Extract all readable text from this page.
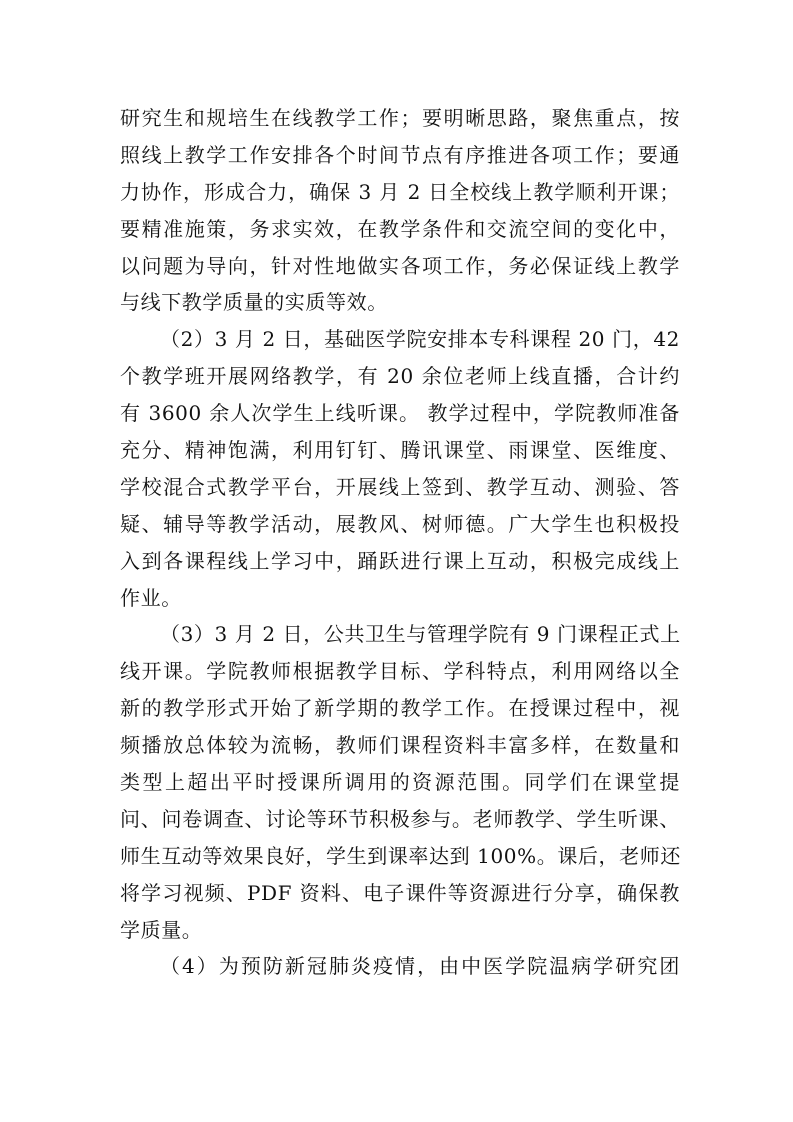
研究生和规培生在线教学工作；要明晰思路，聚焦重点，按
照线上教学工作安排各个时间节点有序推进各项工作；要通
力协作，形成合力，确保 3 月 2 日全校线上教学顺利开课；
要精准施策，务求实效，在教学条件和交流空间的变化中，
以问题为导向，针对性地做实各项工作，务必保证线上教学
与线下教学质量的实质等效。
（2）3 月 2 日，基础医学院安排本专科课程 20 门，42
个教学班开展网络教学，有 20 余位老师上线直播，合计约
有 3600 余人次学生上线听课。 教学过程中，学院教师准备
充分、精神饱满，利用钉钉、腾讯课堂、雨课堂、医维度、
学校混合式教学平台，开展线上签到、教学互动、测验、答
疑、辅导等教学活动，展教风、树师德。广大学生也积极投
入到各课程线上学习中，踊跃进行课上互动，积极完成线上
作业。
（3）3 月 2 日，公共卫生与管理学院有 9 门课程正式上
线开课。学院教师根据教学目标、学科特点，利用网络以全
新的教学形式开始了新学期的教学工作。在授课过程中，视
频播放总体较为流畅，教师们课程资料丰富多样，在数量和
类型上超出平时授课所调用的资源范围。同学们在课堂提
问、问卷调查、讨论等环节积极参与。老师教学、学生听课、
师生互动等效果良好，学生到课率达到 100%。课后，老师还
将学习视频、PDF 资料、电子课件等资源进行分享，确保教
学质量。
（4）为预防新冠肺炎疫情，由中医学院温病学研究团
